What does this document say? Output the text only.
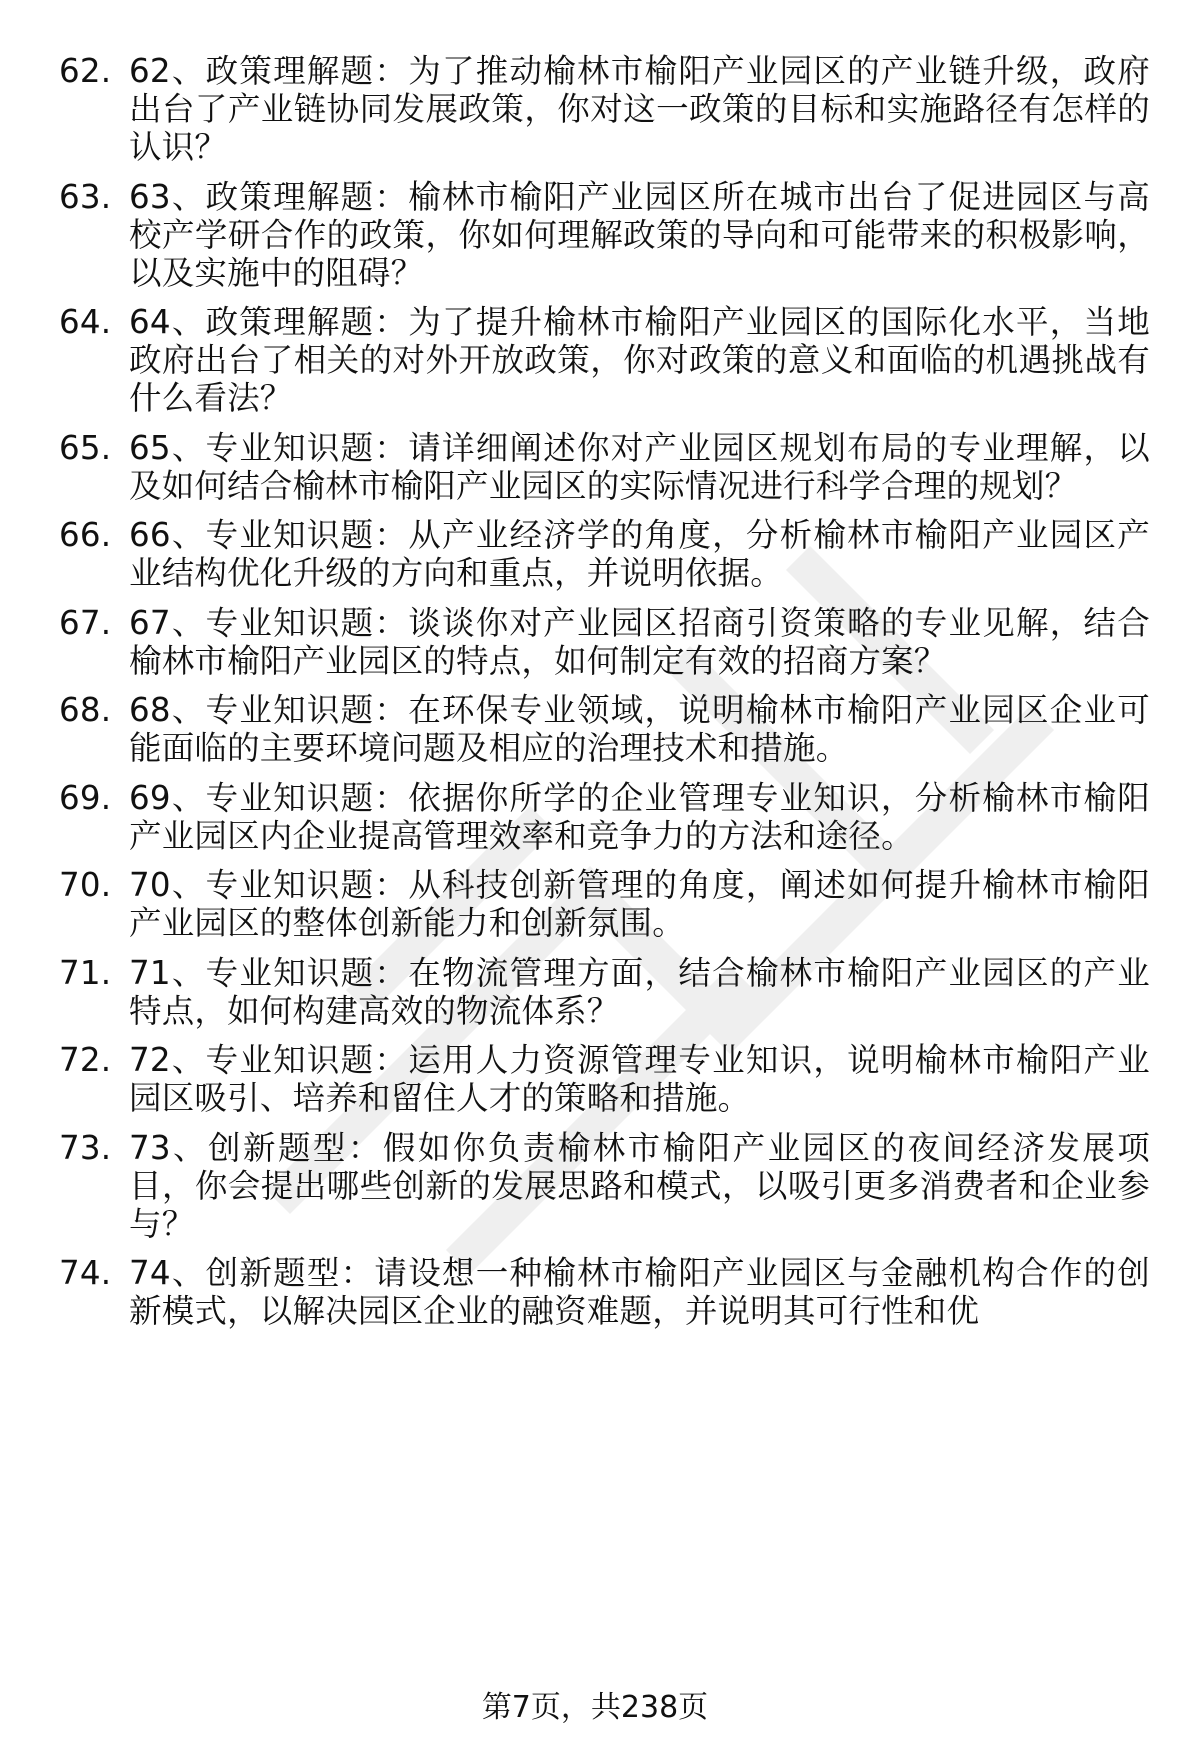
62. 62、政策理解题：为了推动榆林市榆阳产业园区的产业链升级，政府出台了产业链协同发展政策，你对这一政策的目标和实施路径有怎样的认识？
63. 63、政策理解题：榆林市榆阳产业园区所在城市出台了促进园区与高校产学研合作的政策，你如何理解政策的导向和可能带来的积极影响，以及实施中的阻碍？
64. 64、政策理解题：为了提升榆林市榆阳产业园区的国际化水平，当地政府出台了相关的对外开放政策，你对政策的意义和面临的机遇挑战有什么看法？
65. 65、专业知识题：请详细阐述你对产业园区规划布局的专业理解，以及如何结合榆林市榆阳产业园区的实际情况进行科学合理的规划？
66. 66、专业知识题：从产业经济学的角度，分析榆林市榆阳产业园区产业结构优化升级的方向和重点，并说明依据。
67. 67、专业知识题：谈谈你对产业园区招商引资策略的专业见解，结合榆林市榆阳产业园区的特点，如何制定有效的招商方案？
68. 68、专业知识题：在环保专业领域，说明榆林市榆阳产业园区企业可能面临的主要环境问题及相应的治理技术和措施。
69. 69、专业知识题：依据你所学的企业管理专业知识，分析榆林市榆阳产业园区内企业提高管理效率和竞争力的方法和途径。
70. 70、专业知识题：从科技创新管理的角度，阐述如何提升榆林市榆阳产业园区的整体创新能力和创新氛围。
71. 71、专业知识题：在物流管理方面，结合榆林市榆阳产业园区的产业特点，如何构建高效的物流体系？
72. 72、专业知识题：运用人力资源管理专业知识，说明榆林市榆阳产业园区吸引、培养和留住人才的策略和措施。
73. 73、创新题型：假如你负责榆林市榆阳产业园区的夜间经济发展项目，你会提出哪些创新的发展思路和模式，以吸引更多消费者和企业参与？
74. 74、创新题型：请设想一种榆林市榆阳产业园区与金融机构合作的创新模式，以解决园区企业的融资难题，并说明其可行性和优
第7页，共238页
